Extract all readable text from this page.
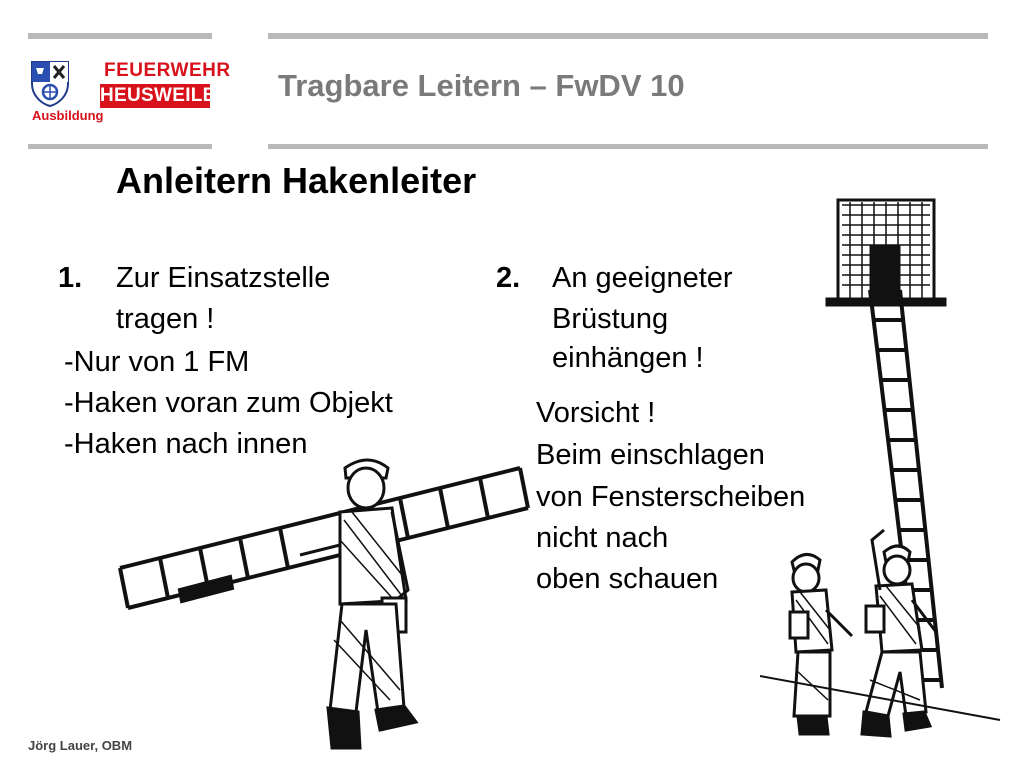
FEUERWEHR
HEUSWEILER
Ausbildung
Tragbare Leitern – FwDV 10
Anleitern Hakenleiter
1. Zur Einsatzstelle
tragen !
-Nur von 1 FM
-Haken voran zum Objekt
-Haken nach innen
2. An geeigneter
Brüstung
einhängen !
Vorsicht !
Beim einschlagen
von Fensterscheiben
nicht nach
oben schauen
Jörg Lauer, OBM
